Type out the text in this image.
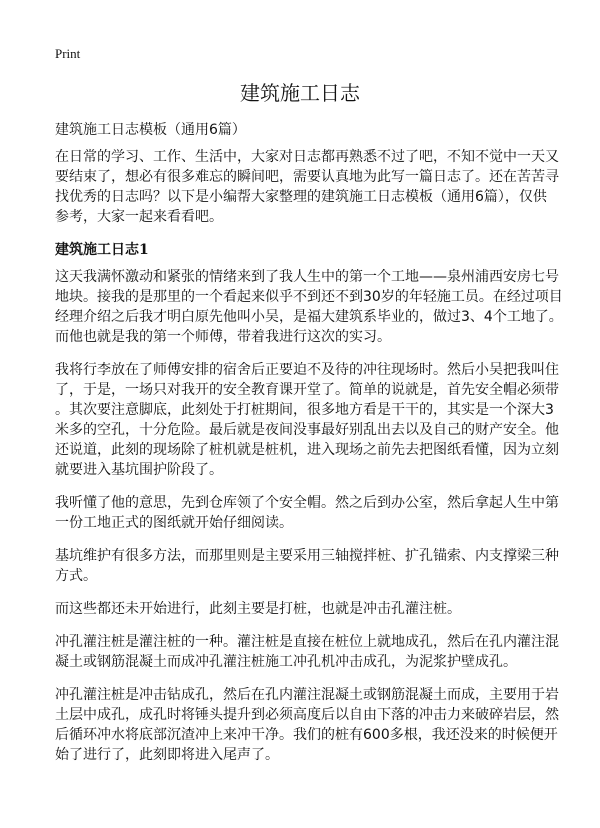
Print
建筑施工日志
建筑施工日志模板（通用6篇）
在日常的学习、工作、生活中，大家对日志都再熟悉不过了吧，不知不觉中一天又
要结束了，想必有很多难忘的瞬间吧，需要认真地为此写一篇日志了。还在苦苦寻
找优秀的日志吗？以下是小编帮大家整理的建筑施工日志模板（通用6篇），仅供
参考，大家一起来看看吧。
建筑施工日志1
这天我满怀激动和紧张的情绪来到了我人生中的第一个工地——泉州浦西安房七号
地块。接我的是那里的一个看起来似乎不到还不到30岁的年轻施工员。在经过项目
经理介绍之后我才明白原先他叫小吴，是福大建筑系毕业的，做过3、4个工地了。
而他也就是我的第一个师傅，带着我进行这次的实习。
我将行李放在了师傅安排的宿舍后正要迫不及待的冲往现场时。然后小吴把我叫住
了，于是，一场只对我开的安全教育课开堂了。简单的说就是，首先安全帽必须带
。其次要注意脚底，此刻处于打桩期间，很多地方看是干干的，其实是一个深大3
米多的空孔，十分危险。最后就是夜间没事最好别乱出去以及自己的财产安全。他
还说道，此刻的现场除了桩机就是桩机，进入现场之前先去把图纸看懂，因为立刻
就要进入基坑围护阶段了。
我听懂了他的意思，先到仓库领了个安全帽。然之后到办公室，然后拿起人生中第
一份工地正式的图纸就开始仔细阅读。
基坑维护有很多方法，而那里则是主要采用三轴搅拌桩、扩孔锚索、内支撑梁三种
方式。
而这些都还未开始进行，此刻主要是打桩，也就是冲击孔灌注桩。
冲孔灌注桩是灌注桩的一种。灌注桩是直接在桩位上就地成孔，然后在孔内灌注混
凝土或钢筋混凝土而成冲孔灌注桩施工冲孔机冲击成孔，为泥浆护壁成孔。
冲孔灌注桩是冲击钻成孔，然后在孔内灌注混凝土或钢筋混凝土而成，主要用于岩
土层中成孔，成孔时将锤头提升到必须高度后以自由下落的冲击力来破碎岩层，然
后循环冲水将底部沉渣冲上来冲干净。我们的桩有600多根，我还没来的时候便开
始了进行了，此刻即将进入尾声了。
